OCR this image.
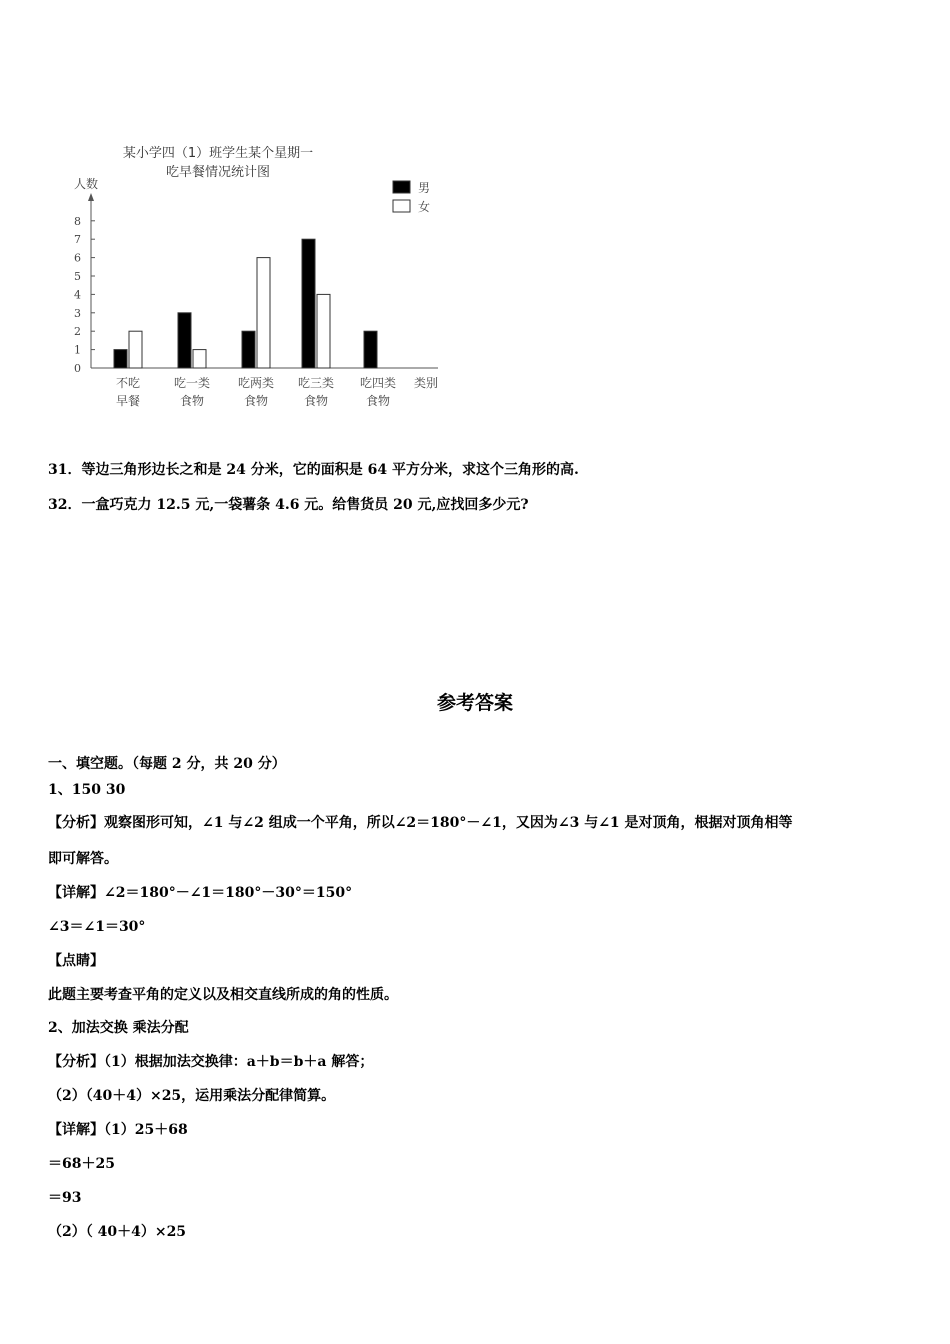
某小学四（1）班学生某个星期一
吃早餐情况统计图
人数
0
1
2
3
4
5
6
7
8
不吃
早餐
吃一类
食物
吃两类
食物
吃三类
食物
吃四类
食物
类别
男
女
31．等边三角形边长之和是 24 分米，它的面积是 64 平方分米，求这个三角形的高.
32．一盒巧克力 12.5 元,一袋薯条 4.6 元。给售货员 20 元,应找回多少元?
参考答案
一、填空题。（每题 2 分，共 20 分）
1、150 30
【分析】观察图形可知，∠1 与∠2 组成一个平角，所以∠2＝180°－∠1，又因为∠3 与∠1 是对顶角，根据对顶角相等
即可解答。
【详解】∠2＝180°－∠1＝180°－30°＝150°
∠3＝∠1＝30°
【点睛】
此题主要考查平角的定义以及相交直线所成的角的性质。
2、加法交换 乘法分配
【分析】（1）根据加法交换律：a＋b＝b＋a 解答；
（2）（40＋4）×25，运用乘法分配律简算。
【详解】（1）25＋68
＝68＋25
＝93
（2）（ 40＋4）×25
